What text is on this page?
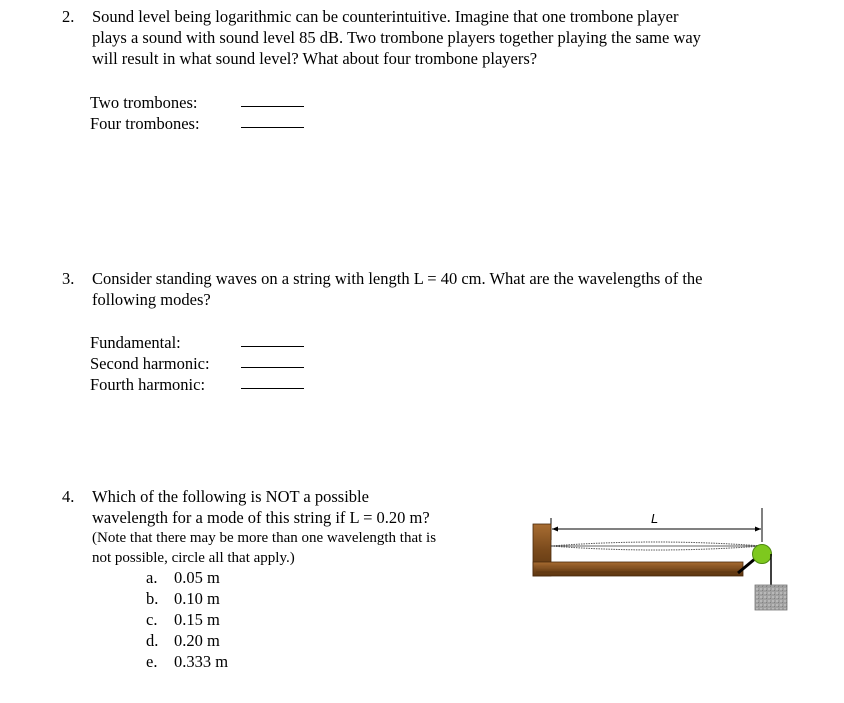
2. Sound level being logarithmic can be counterintuitive. Imagine that one trombone player

plays a sound with sound level 85 dB. Two trombone players together playing the same way

will result in what sound level? What about four trombone players?

Two trombones:
Four trombones:
3. Consider standing waves on a string with length L = 40 cm. What are the wavelengths of the

following modes?

Fundamental:
Second harmonic:
Fourth harmonic:
4. Which of the following is NOT a possible

wavelength for a mode of this string if L = 0.20 m?

(Note that there may be more than one wavelength that is

not possible, circle all that apply.)

a. 0.05 m
b. 0.10 m
c. 0.15 m
d. 0.20 m
e. 0.333 m
L
